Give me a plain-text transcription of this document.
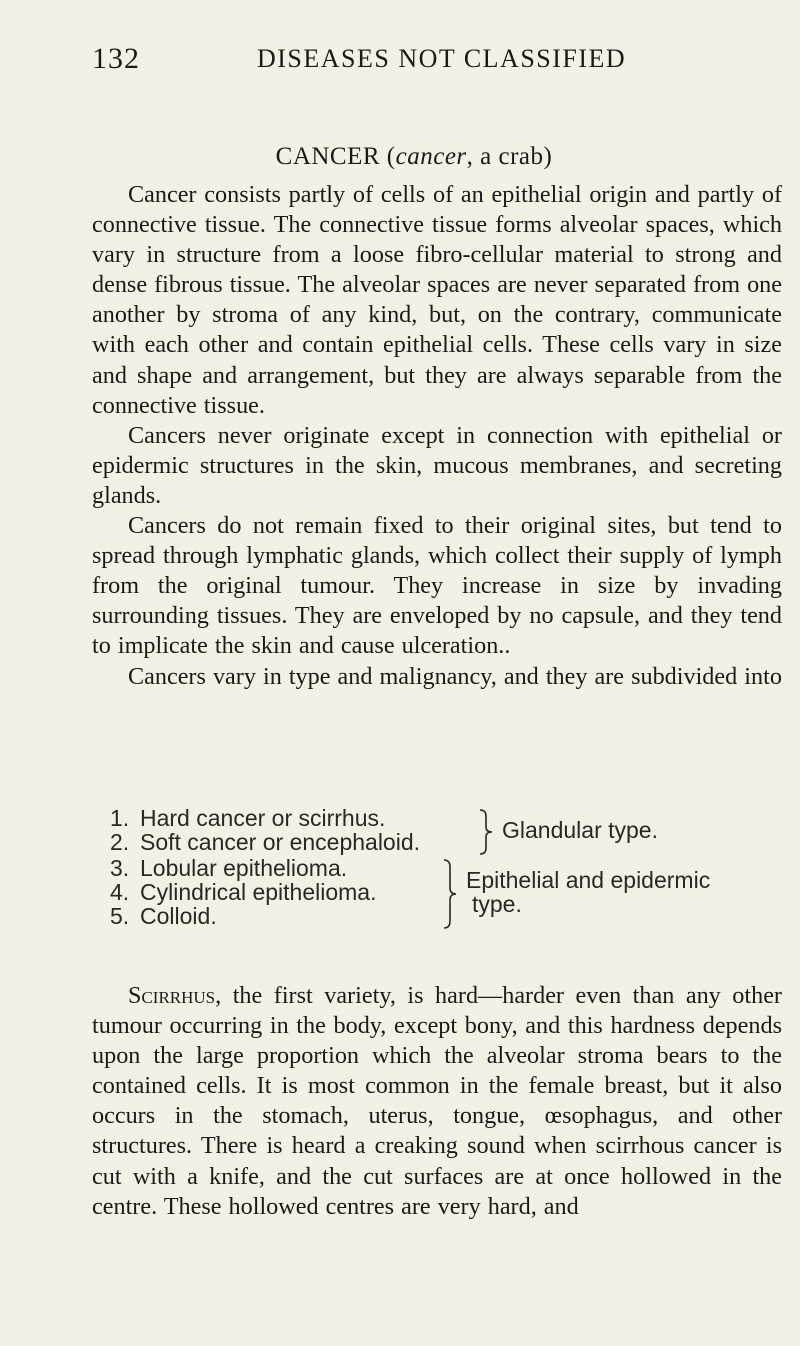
132	DISEASES NOT CLASSIFIED
CANCER (cancer, a crab)

Cancer consists partly of cells of an epithelial origin and partly of connective tissue. The connective tissue forms alveolar spaces, which vary in structure from a loose fibro-cellular material to strong and dense fibrous tissue. The alveolar spaces are never separated from one another by stroma of any kind, but, on the contrary, communicate with each other and contain epithelial cells. These cells vary in size and shape and arrangement, but they are always separable from the connective tissue.

Cancers never originate except in connection with epithelial or epidermic structures in the skin, mucous membranes, and secreting glands.

Cancers do not remain fixed to their original sites, but tend to spread through lymphatic glands, which collect their supply of lymph from the original tumour. They increase in size by invading surrounding tissues. They are enveloped by no capsule, and they tend to implicate the skin and cause ulceration..

Cancers vary in type and malignancy, and they are subdivided into

1. Hard cancer or scirrhus.
2. Soft cancer or encephaloid.
3. Lobular epithelioma.
4. Cylindrical epithelioma.
5. Colloid.
Glandular type.
Epithelial and epidermic
type.

Scirrhus, the first variety, is hard—harder even than any other tumour occurring in the body, except bony, and this hardness depends upon the large proportion which the alveolar stroma bears to the contained cells. It is most common in the female breast, but it also occurs in the stomach, uterus, tongue, œsophagus, and other structures. There is heard a creaking sound when scirrhous cancer is cut with a knife, and the cut surfaces are at once hollowed in the centre. These hollowed centres are very hard, and
